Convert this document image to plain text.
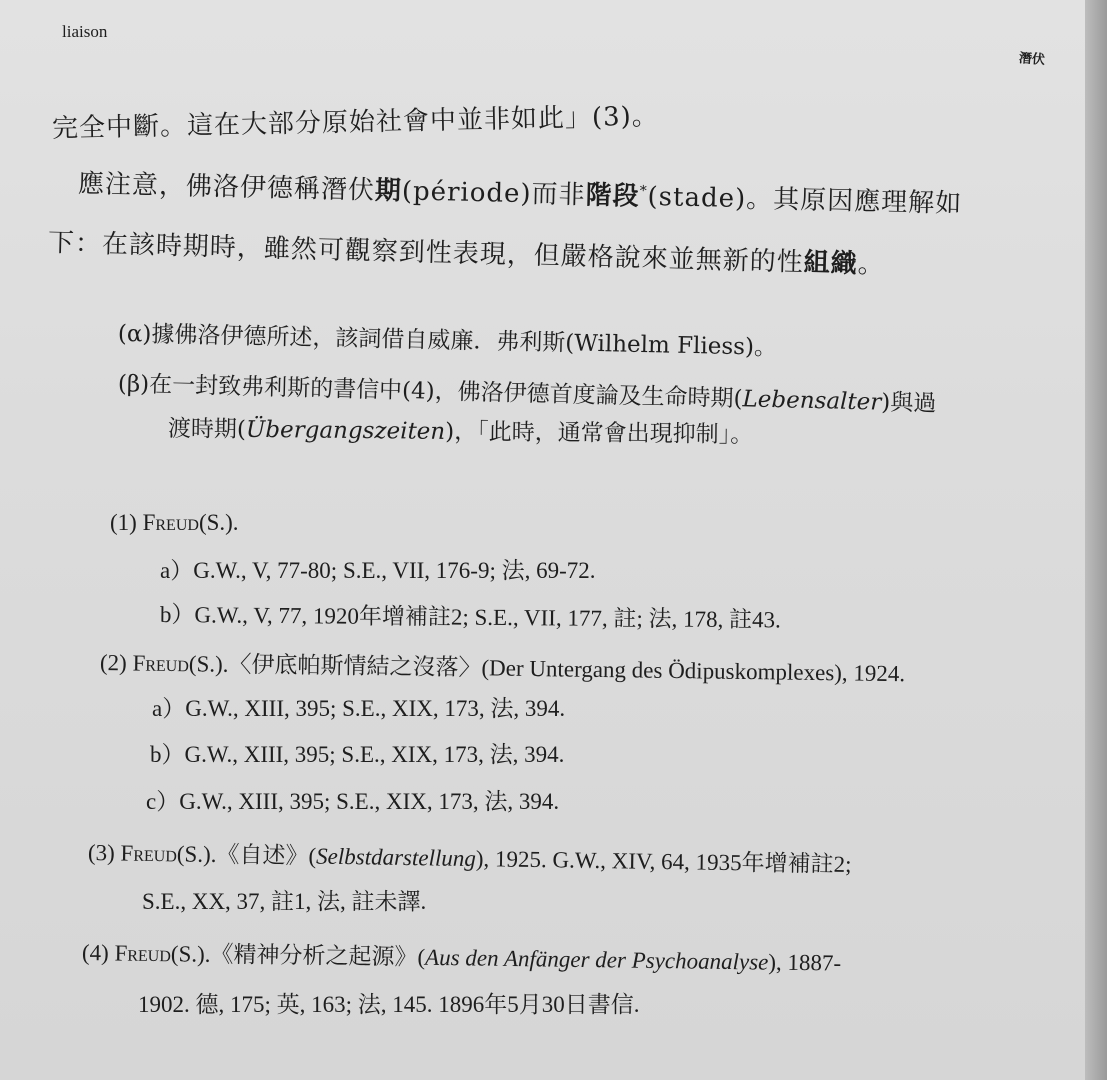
liaison
潛伏
完全中斷。這在大部分原始社會中並非如此」(3)。
應注意，佛洛伊德稱潛伏期(période)而非階段*(stade)。其原因應理解如
下：在該時期時，雖然可觀察到性表現，但嚴格說來並無新的性組織。
(α)據佛洛伊德所述，該詞借自威廉．弗利斯(Wilhelm Fliess)。
(β)在一封致弗利斯的書信中(4)，佛洛伊德首度論及生命時期(Lebensalter)與過
渡時期(Übergangszeiten)，「此時，通常會出現抑制」。
(1) Freud(S.).
a）G.W., V, 77-80; S.E., VII, 176-9; 法, 69-72.
b）G.W., V, 77, 1920年增補註2; S.E., VII, 177, 註; 法, 178, 註43.
(2) Freud(S.).〈伊底帕斯情結之沒落〉(Der Untergang des Ödipuskomplexes), 1924.
a）G.W., XIII, 395; S.E., XIX, 173, 法, 394.
b）G.W., XIII, 395; S.E., XIX, 173, 法, 394.
c）G.W., XIII, 395; S.E., XIX, 173, 法, 394.
(3) Freud(S.).《自述》(Selbstdarstellung), 1925. G.W., XIV, 64, 1935年增補註2;
S.E., XX, 37, 註1, 法, 註未譯.
(4) Freud(S.).《精神分析之起源》(Aus den Anfänger der Psychoanalyse), 1887-
1902. 德, 175; 英, 163; 法, 145. 1896年5月30日書信.
